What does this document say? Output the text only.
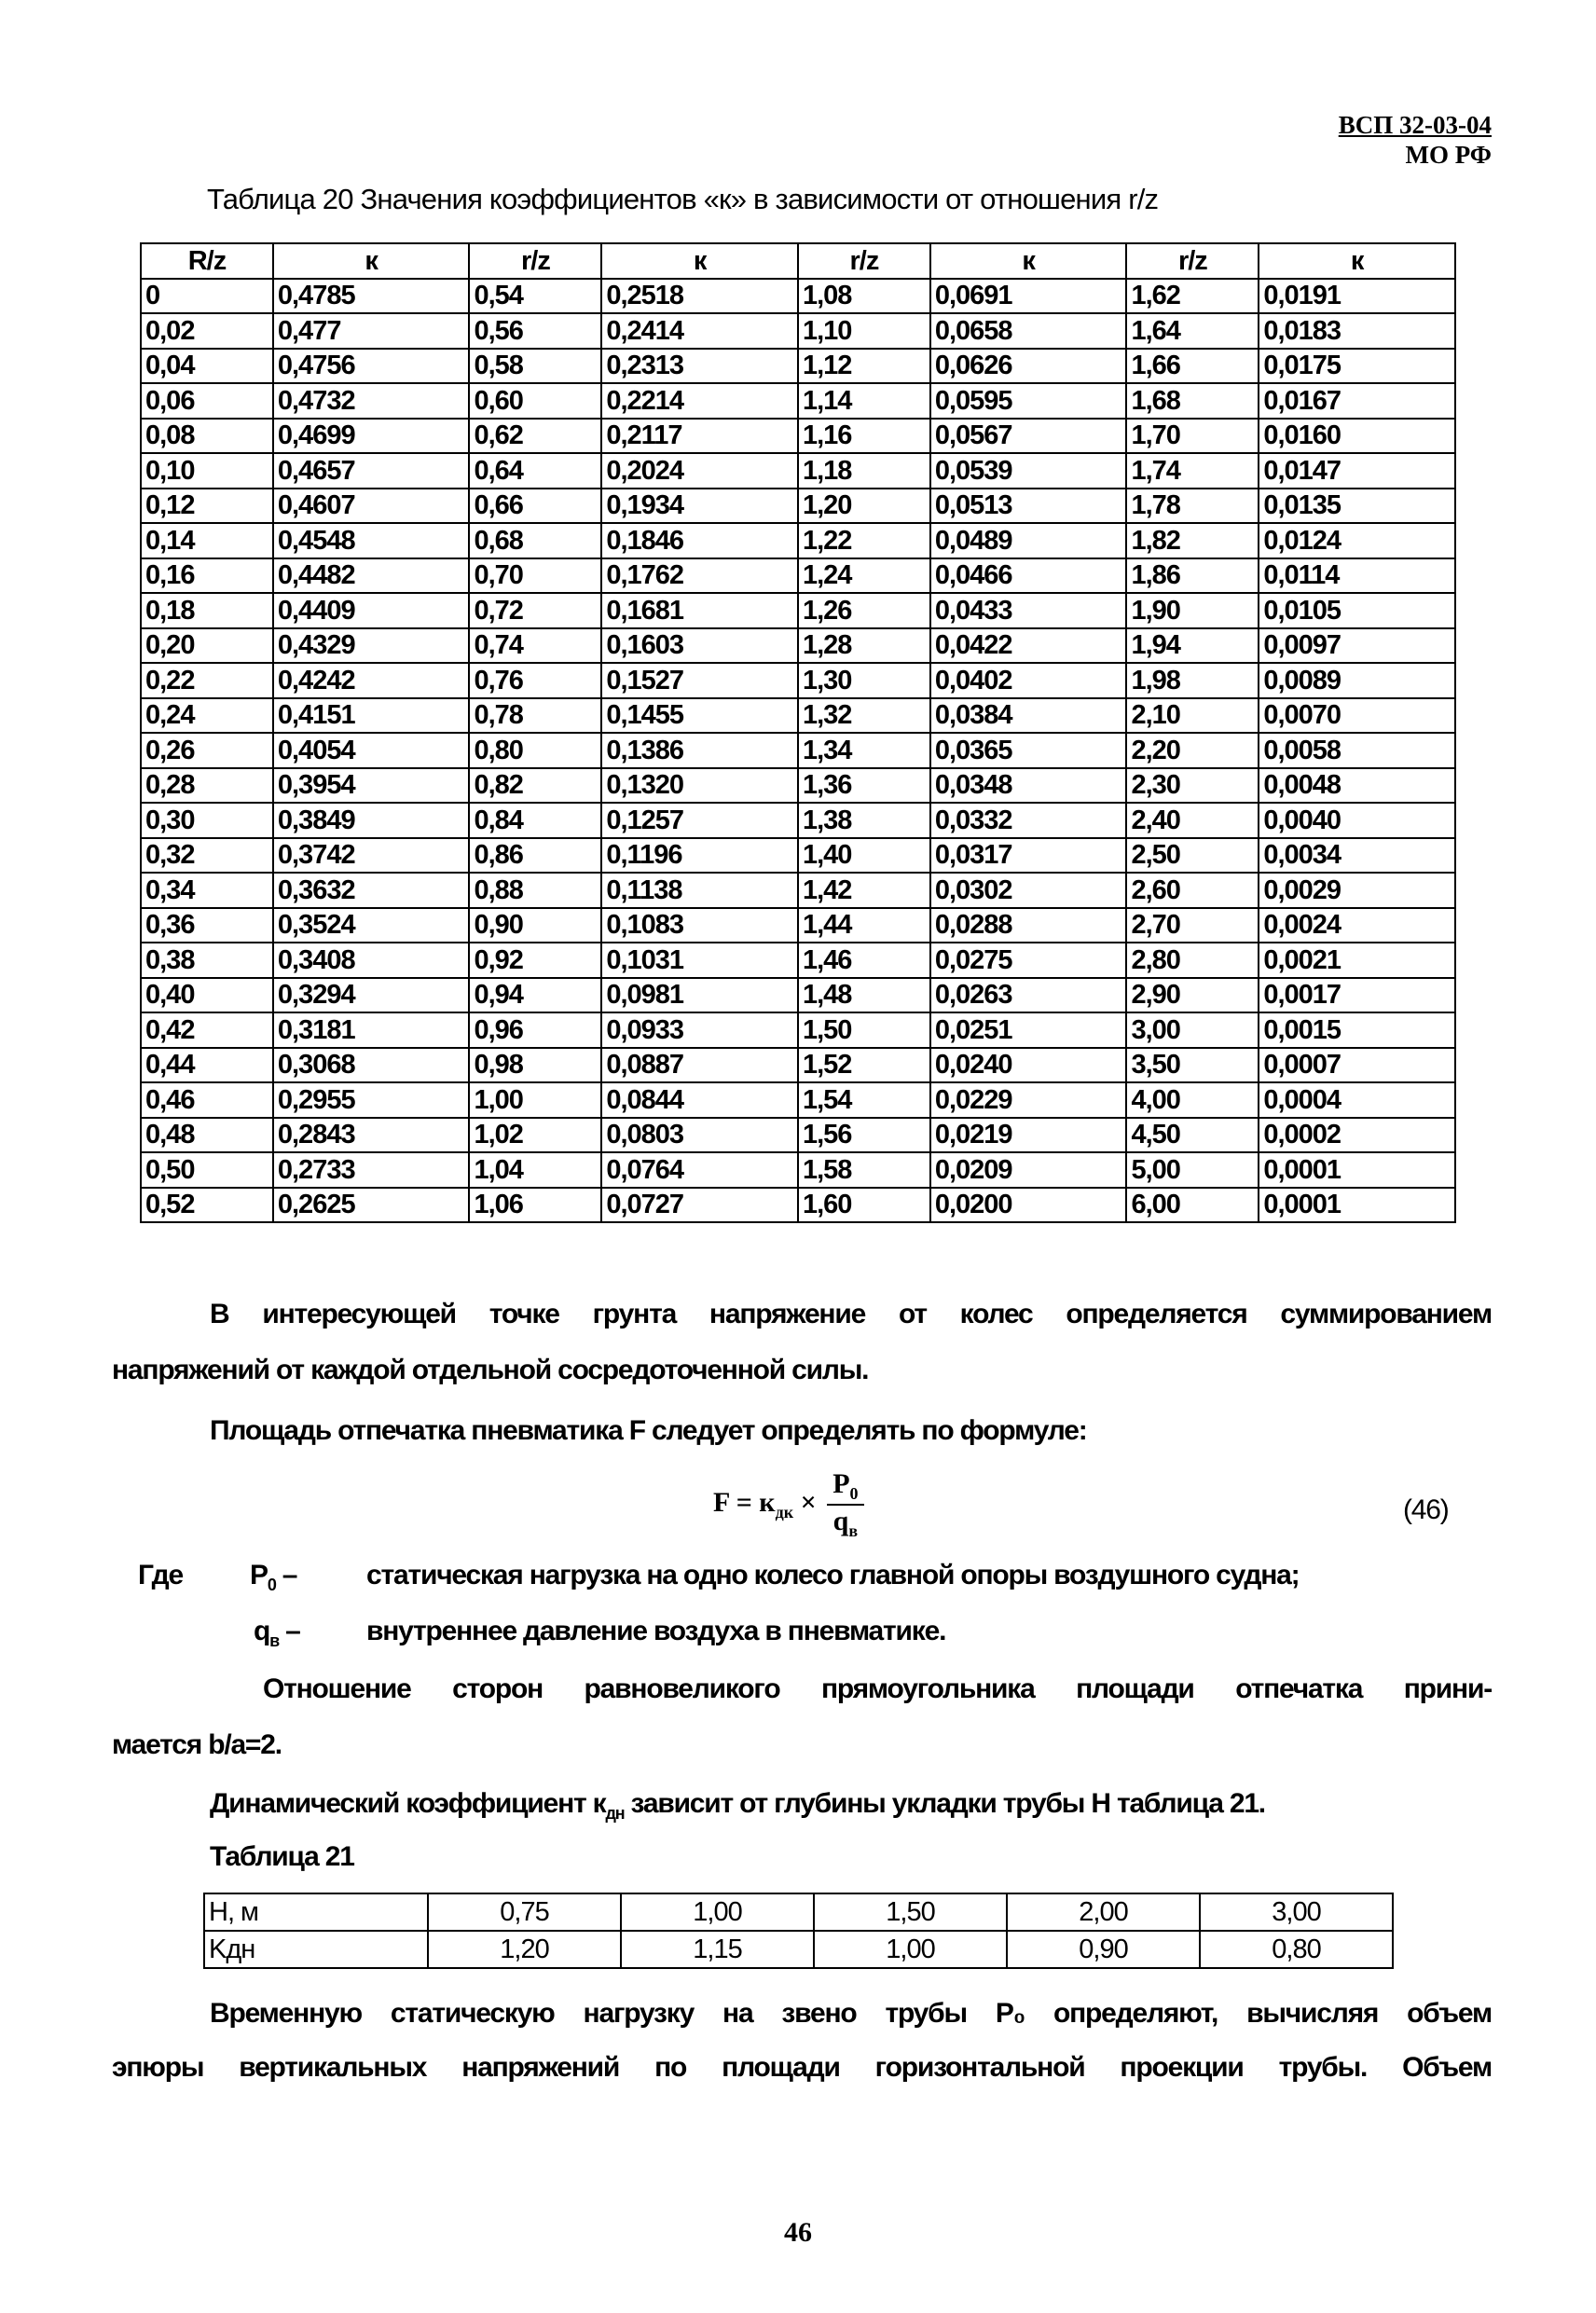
ВСП 32-03-04
МО РФ
Таблица 20 Значения коэффициентов «к» в зависимости от отношения r/z
R/z	к	r/z	к	r/z	к	r/z	к
0	0,4785	0,54	0,2518	1,08	0,0691	1,62	0,0191
0,02	0,477	0,56	0,2414	1,10	0,0658	1,64	0,0183
0,04	0,4756	0,58	0,2313	1,12	0,0626	1,66	0,0175
0,06	0,4732	0,60	0,2214	1,14	0,0595	1,68	0,0167
0,08	0,4699	0,62	0,2117	1,16	0,0567	1,70	0,0160
0,10	0,4657	0,64	0,2024	1,18	0,0539	1,74	0,0147
0,12	0,4607	0,66	0,1934	1,20	0,0513	1,78	0,0135
0,14	0,4548	0,68	0,1846	1,22	0,0489	1,82	0,0124
0,16	0,4482	0,70	0,1762	1,24	0,0466	1,86	0,0114
0,18	0,4409	0,72	0,1681	1,26	0,0433	1,90	0,0105
0,20	0,4329	0,74	0,1603	1,28	0,0422	1,94	0,0097
0,22	0,4242	0,76	0,1527	1,30	0,0402	1,98	0,0089
0,24	0,4151	0,78	0,1455	1,32	0,0384	2,10	0,0070
0,26	0,4054	0,80	0,1386	1,34	0,0365	2,20	0,0058
0,28	0,3954	0,82	0,1320	1,36	0,0348	2,30	0,0048
0,30	0,3849	0,84	0,1257	1,38	0,0332	2,40	0,0040
0,32	0,3742	0,86	0,1196	1,40	0,0317	2,50	0,0034
0,34	0,3632	0,88	0,1138	1,42	0,0302	2,60	0,0029
0,36	0,3524	0,90	0,1083	1,44	0,0288	2,70	0,0024
0,38	0,3408	0,92	0,1031	1,46	0,0275	2,80	0,0021
0,40	0,3294	0,94	0,0981	1,48	0,0263	2,90	0,0017
0,42	0,3181	0,96	0,0933	1,50	0,0251	3,00	0,0015
0,44	0,3068	0,98	0,0887	1,52	0,0240	3,50	0,0007
0,46	0,2955	1,00	0,0844	1,54	0,0229	4,00	0,0004
0,48	0,2843	1,02	0,0803	1,56	0,0219	4,50	0,0002
0,50	0,2733	1,04	0,0764	1,58	0,0209	5,00	0,0001
0,52	0,2625	1,06	0,0727	1,60	0,0200	6,00	0,0001
В интересующей точке грунта напряжение от колес определяется суммированием
напряжений от каждой отдельной сосредоточенной силы.
Площадь отпечатка пневматика F следует определять по формуле:
$F = к_{дк} \times \frac{P_0}{q_в}$	(46)
Где $P_0$ – статическая нагрузка на одно колесо главной опоры воздушного судна;
$q_в$ – внутреннее давление воздуха в пневматике.
Отношение сторон равновеликого прямоугольника площади отпечатка прини-
мается b/a=2.
Динамический коэффициент $к_{дн}$ зависит от глубины укладки трубы H таблица 21.
Таблица 21
H, м	0,75	1,00	1,50	2,00	3,00
Kдн	1,20	1,15	1,00	0,90	0,80
Временную статическую нагрузку на звено трубы P₀ определяют, вычисляя объем
эпюры вертикальных напряжений по площади горизонтальной проекции трубы. Объем
46
